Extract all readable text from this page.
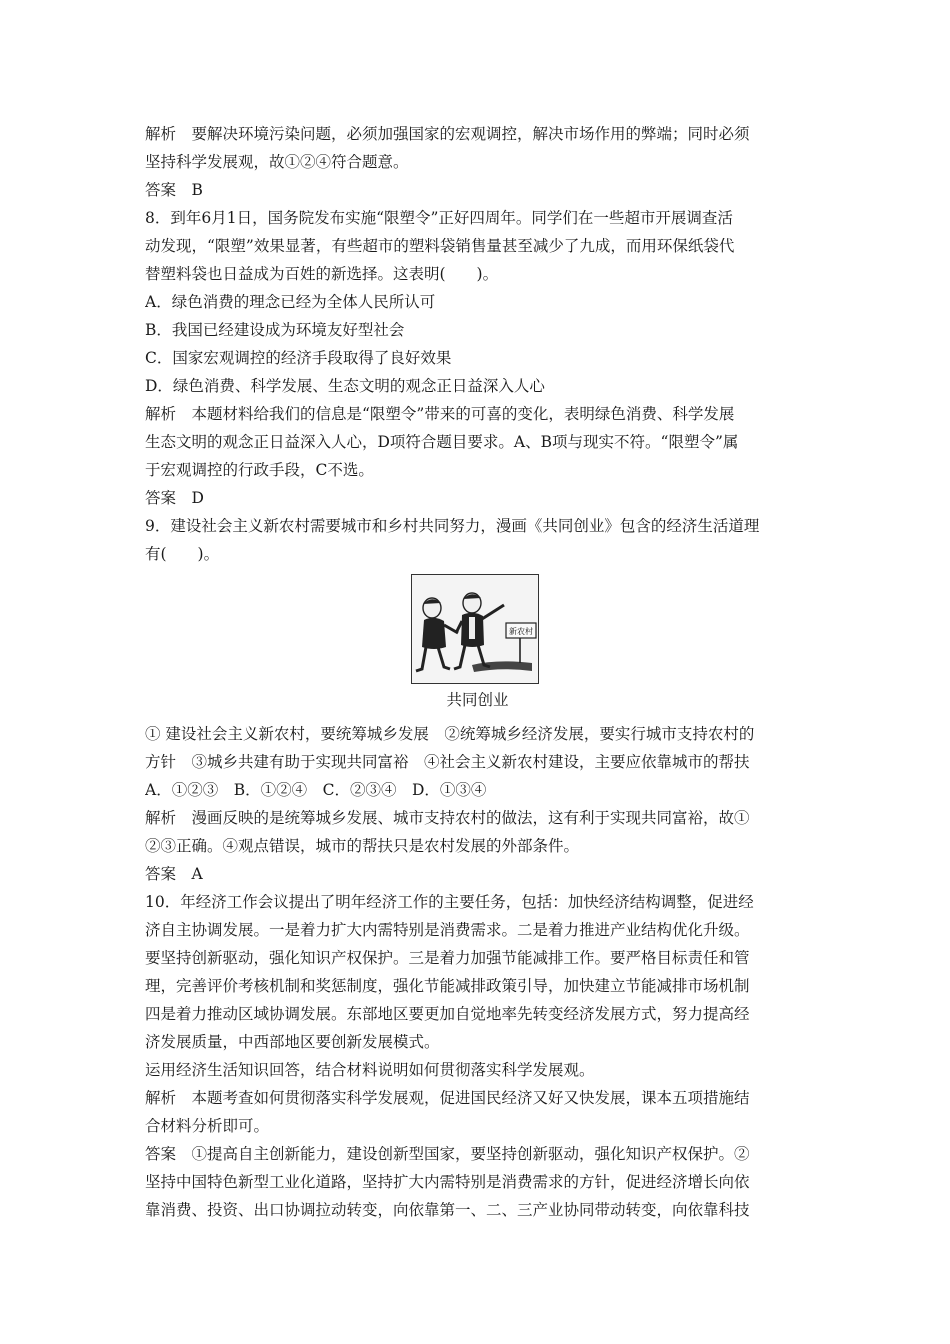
解析　要解决环境污染问题，必须加强国家的宏观调控，解决市场作用的弊端；同时必须

坚持科学发展观，故①②④符合题意。

答案　B

8．到年6月1日，国务院发布实施“限塑令”正好四周年。同学们在一些超市开展调查活

动发现，“限塑”效果显著，有些超市的塑料袋销售量甚至减少了九成，而用环保纸袋代

替塑料袋也日益成为百姓的新选择。这表明(　　)。

A．绿色消费的理念已经为全体人民所认可

B．我国已经建设成为环境友好型社会

C．国家宏观调控的经济手段取得了良好效果

D．绿色消费、科学发展、生态文明的观念正日益深入人心

解析　本题材料给我们的信息是“限塑令”带来的可喜的变化，表明绿色消费、科学发展

生态文明的观念正日益深入人心，D项符合题目要求。A、B项与现实不符。“限塑令”属

于宏观调控的行政手段，C不选。

答案　D

9．建设社会主义新农村需要城市和乡村共同努力，漫画《共同创业》包含的经济生活道理

有(　　)。

新农村
共同创业

① 建设社会主义新农村，要统筹城乡发展　②统筹城乡经济发展，要实行城市支持农村的

方针　③城乡共建有助于实现共同富裕　④社会主义新农村建设，主要应依靠城市的帮扶

A．①②③　B．①②④　C．②③④　D．①③④

解析　漫画反映的是统筹城乡发展、城市支持农村的做法，这有利于实现共同富裕，故①

②③正确。④观点错误，城市的帮扶只是农村发展的外部条件。

答案　A

10．年经济工作会议提出了明年经济工作的主要任务，包括：加快经济结构调整，促进经

济自主协调发展。一是着力扩大内需特别是消费需求。二是着力推进产业结构优化升级。

要坚持创新驱动，强化知识产权保护。三是着力加强节能减排工作。要严格目标责任和管

理，完善评价考核机制和奖惩制度，强化节能减排政策引导，加快建立节能减排市场机制

四是着力推动区域协调发展。东部地区要更加自觉地率先转变经济发展方式，努力提高经

济发展质量，中西部地区要创新发展模式。

运用经济生活知识回答，结合材料说明如何贯彻落实科学发展观。

解析　本题考查如何贯彻落实科学发展观，促进国民经济又好又快发展，课本五项措施结

合材料分析即可。

答案　①提高自主创新能力，建设创新型国家，要坚持创新驱动，强化知识产权保护。②

坚持中国特色新型工业化道路，坚持扩大内需特别是消费需求的方针，促进经济增长向依

靠消费、投资、出口协调拉动转变，向依靠第一、二、三产业协同带动转变，向依靠科技
